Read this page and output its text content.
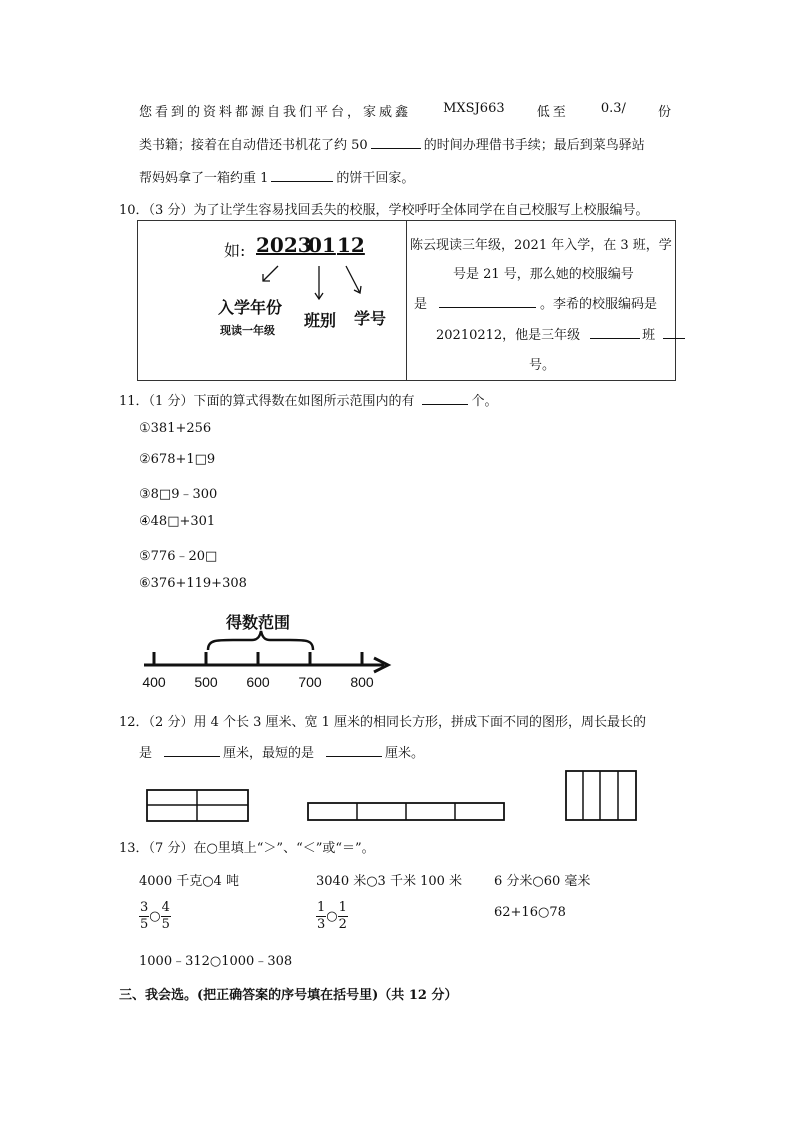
您看到的资料都源自我们平台，家威鑫 MXSJ663 低至 0.3/ 份
类书籍；接着在自动借还书机花了约 50	的时间办理借书手续；最后到菜鸟驿站
帮妈妈拿了一箱约重 1	的饼干回家。
10．（3 分）为了让学生容易找回丢失的校服，学校呼吁全体同学在自己校服写上校服编号。
如: 2023
01 12
入学年份
现读一年级
班别 学号
陈云现读三年级，2021 年入学，在 3 班，学
号是 21 号，那么她的校服编号
是	。李希的校服编码是
20210212，他是三年级	班
号。
11．（1 分）下面的算式得数在如图所示范围内的有	个。
①381+256
②678+1□9
③8□9﹣300
④48□+301
⑤776﹣20□
⑥376+119+308
得数范围
400 500 600 700 800
12．（2 分）用 4 个长 3 厘米、宽 1 厘米的相同长方形，拼成下面不同的图形，周长最长的
是	厘米，最短的是	厘米。
13．（7 分）在○里填上“＞”、“＜”或“＝”。
4000 千克○4 吨	3040 米○3 千米 100 米 6 分米○60 毫米
$\frac{3}{5}$ ○ $\frac{4}{5}$	$\frac{1}{3}$ ○ $\frac{1}{2}$	62+16○78
1000﹣312○1000﹣308
三、我会选。(把正确答案的序号填在括号里)（共 12 分）
